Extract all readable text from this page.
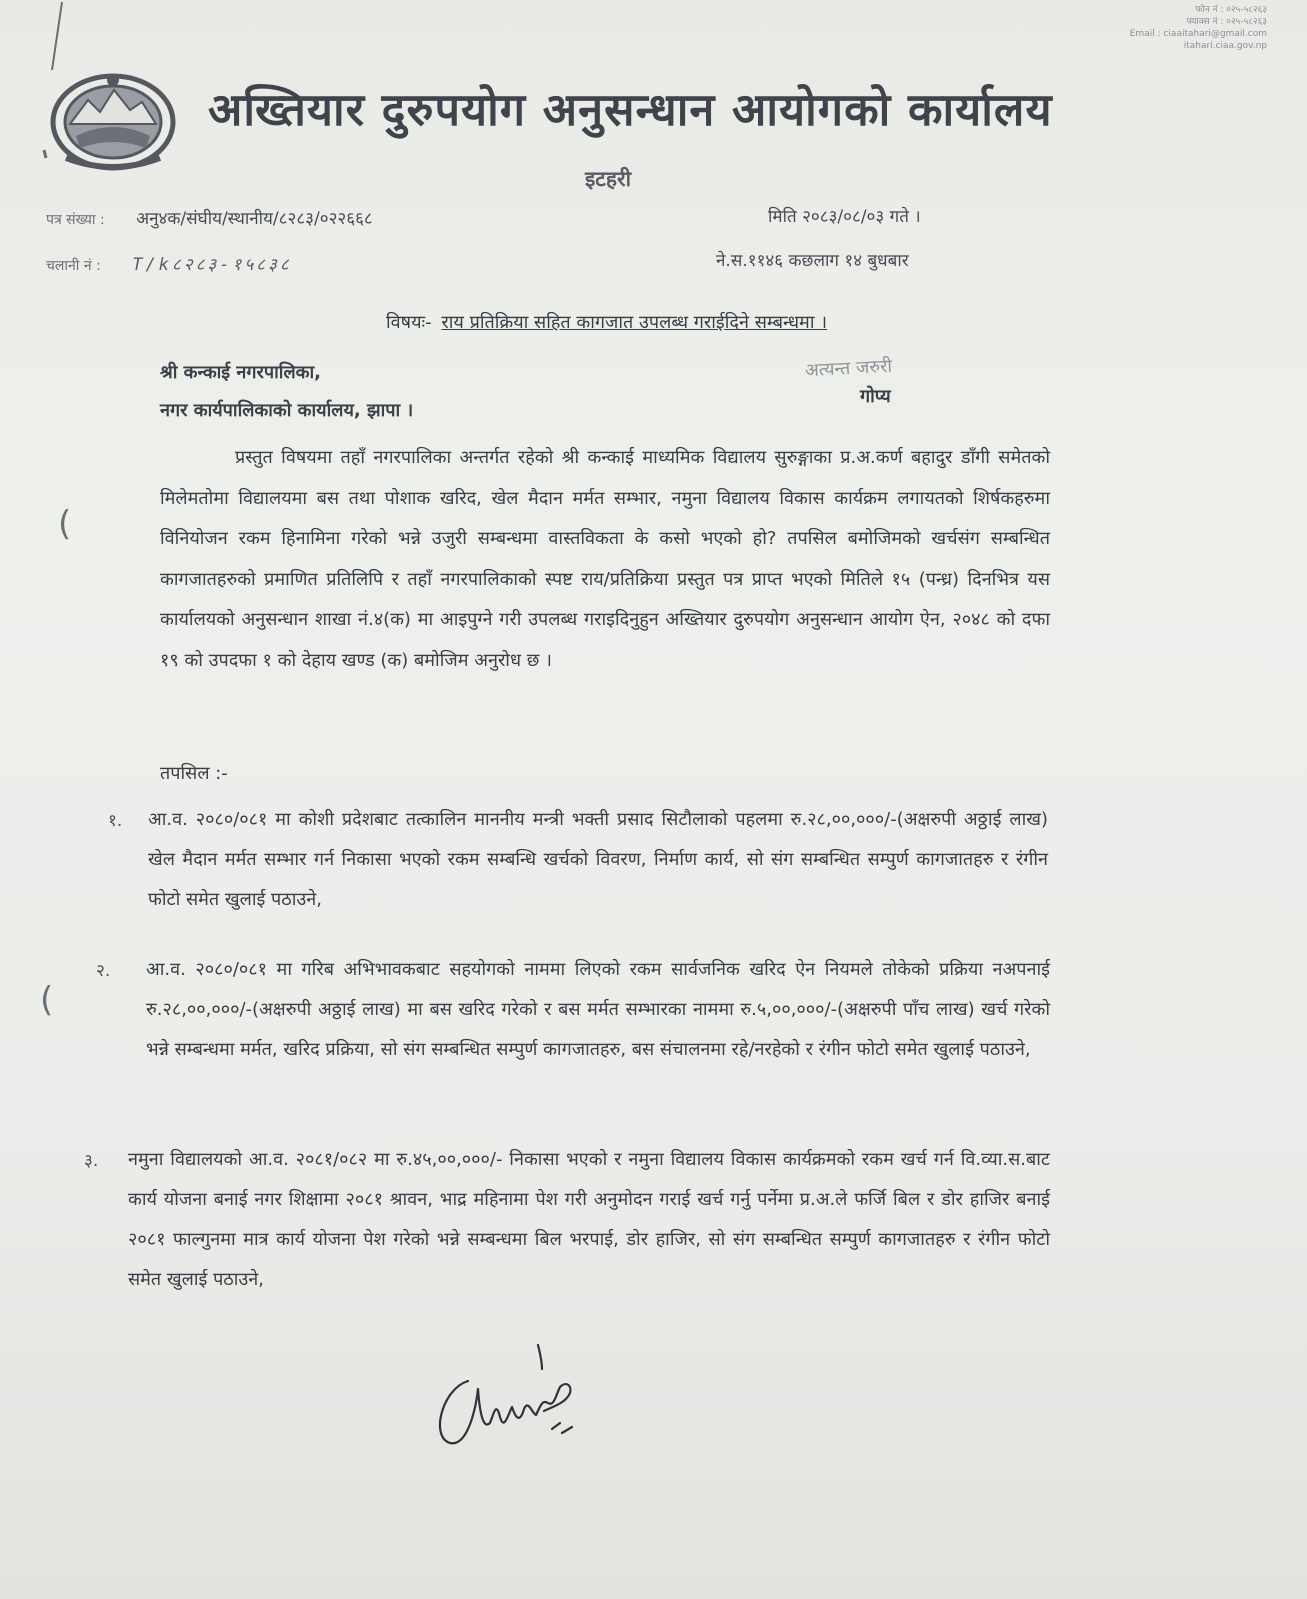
फोन नं : ०२५-५८२६३
फ्याक्स नं : ०२५-५८२६३
Email : ciaaitahari@gmail.com
itahari.ciaa.gov.np
अख्तियार दुरुपयोग अनुसन्धान आयोगको कार्यालय
इटहरी
पत्र संख्या : अनु४क/संघीय/स्थानीय/८२८३/०२२६६८
चलानी नं : T/k८२८३-१५८३८
मिति २०८३/०८/०३ गते ।
ने.स.११४६ कछलाग १४ बुधबार
विषयः- राय प्रतिक्रिया सहित कागजात उपलब्ध गराईदिने सम्बन्धमा ।
श्री कन्काई नगरपालिका,
नगर कार्यपालिकाको कार्यालय, झापा ।
अत्यन्त जरुरी
गोप्य
प्रस्तुत विषयमा तहाँ नगरपालिका अन्तर्गत रहेको श्री कन्काई माध्यमिक विद्यालय सुरुङ्गाका प्र.अ.कर्ण बहादुर डाँगी समेतको मिलेमतोमा विद्यालयमा बस तथा पोशाक खरिद, खेल मैदान मर्मत सम्भार, नमुना विद्यालय विकास कार्यक्रम लगायतको शिर्षकहरुमा विनियोजन रकम हिनामिना गरेको भन्ने उजुरी सम्बन्धमा वास्तविकता के कसो भएको हो? तपसिल बमोजिमको खर्चसंग सम्बन्धित कागजातहरुको प्रमाणित प्रतिलिपि र तहाँ नगरपालिकाको स्पष्ट राय/प्रतिक्रिया प्रस्तुत पत्र प्राप्त भएको मितिले १५ (पन्ध्र) दिनभित्र यस कार्यालयको अनुसन्धान शाखा नं.४(क) मा आइपुग्ने गरी उपलब्ध गराइदिनुहुन अख्तियार दुरुपयोग अनुसन्धान आयोग ऐन, २०४८ को दफा १९ को उपदफा १ को देहाय खण्ड (क) बमोजिम अनुरोध छ ।
(
तपसिल :-
१. आ.व. २०८०/०८१ मा कोशी प्रदेशबाट तत्कालिन माननीय मन्त्री भक्ती प्रसाद सिटौलाको पहलमा रु.२८,००,०००/-(अक्षरुपी अठ्ठाई लाख) खेल मैदान मर्मत सम्भार गर्न निकासा भएको रकम सम्बन्धि खर्चको विवरण, निर्माण कार्य, सो संग सम्बन्धित सम्पुर्ण कागजातहरु र रंगीन फोटो समेत खुलाई पठाउने,
२. आ.व. २०८०/०८१ मा गरिब अभिभावकबाट सहयोगको नाममा लिएको रकम सार्वजनिक खरिद ऐन नियमले तोकेको प्रक्रिया नअपनाई रु.२८,००,०००/-(अक्षरुपी अठ्ठाई लाख) मा बस खरिद गरेको र बस मर्मत सम्भारका नाममा रु.५,००,०००/-(अक्षरुपी पाँच लाख) खर्च गरेको भन्ने सम्बन्धमा मर्मत, खरिद प्रक्रिया, सो संग सम्बन्धित सम्पुर्ण कागजातहरु, बस संचालनमा रहे/नरहेको र रंगीन फोटो समेत खुलाई पठाउने,
(
३. नमुना विद्यालयको आ.व. २०८१/०८२ मा रु.४५,००,०००/- निकासा भएको र नमुना विद्यालय विकास कार्यक्रमको रकम खर्च गर्न वि.व्या.स.बाट कार्य योजना बनाई नगर शिक्षामा २०८१ श्रावन, भाद्र महिनामा पेश गरी अनुमोदन गराई खर्च गर्नु पर्नेमा प्र.अ.ले फर्जि बिल र डोर हाजिर बनाई २०८१ फाल्गुनमा मात्र कार्य योजना पेश गरेको भन्ने सम्बन्धमा बिल भरपाई, डोर हाजिर, सो संग सम्बन्धित सम्पुर्ण कागजातहरु र रंगीन फोटो समेत खुलाई पठाउने,
